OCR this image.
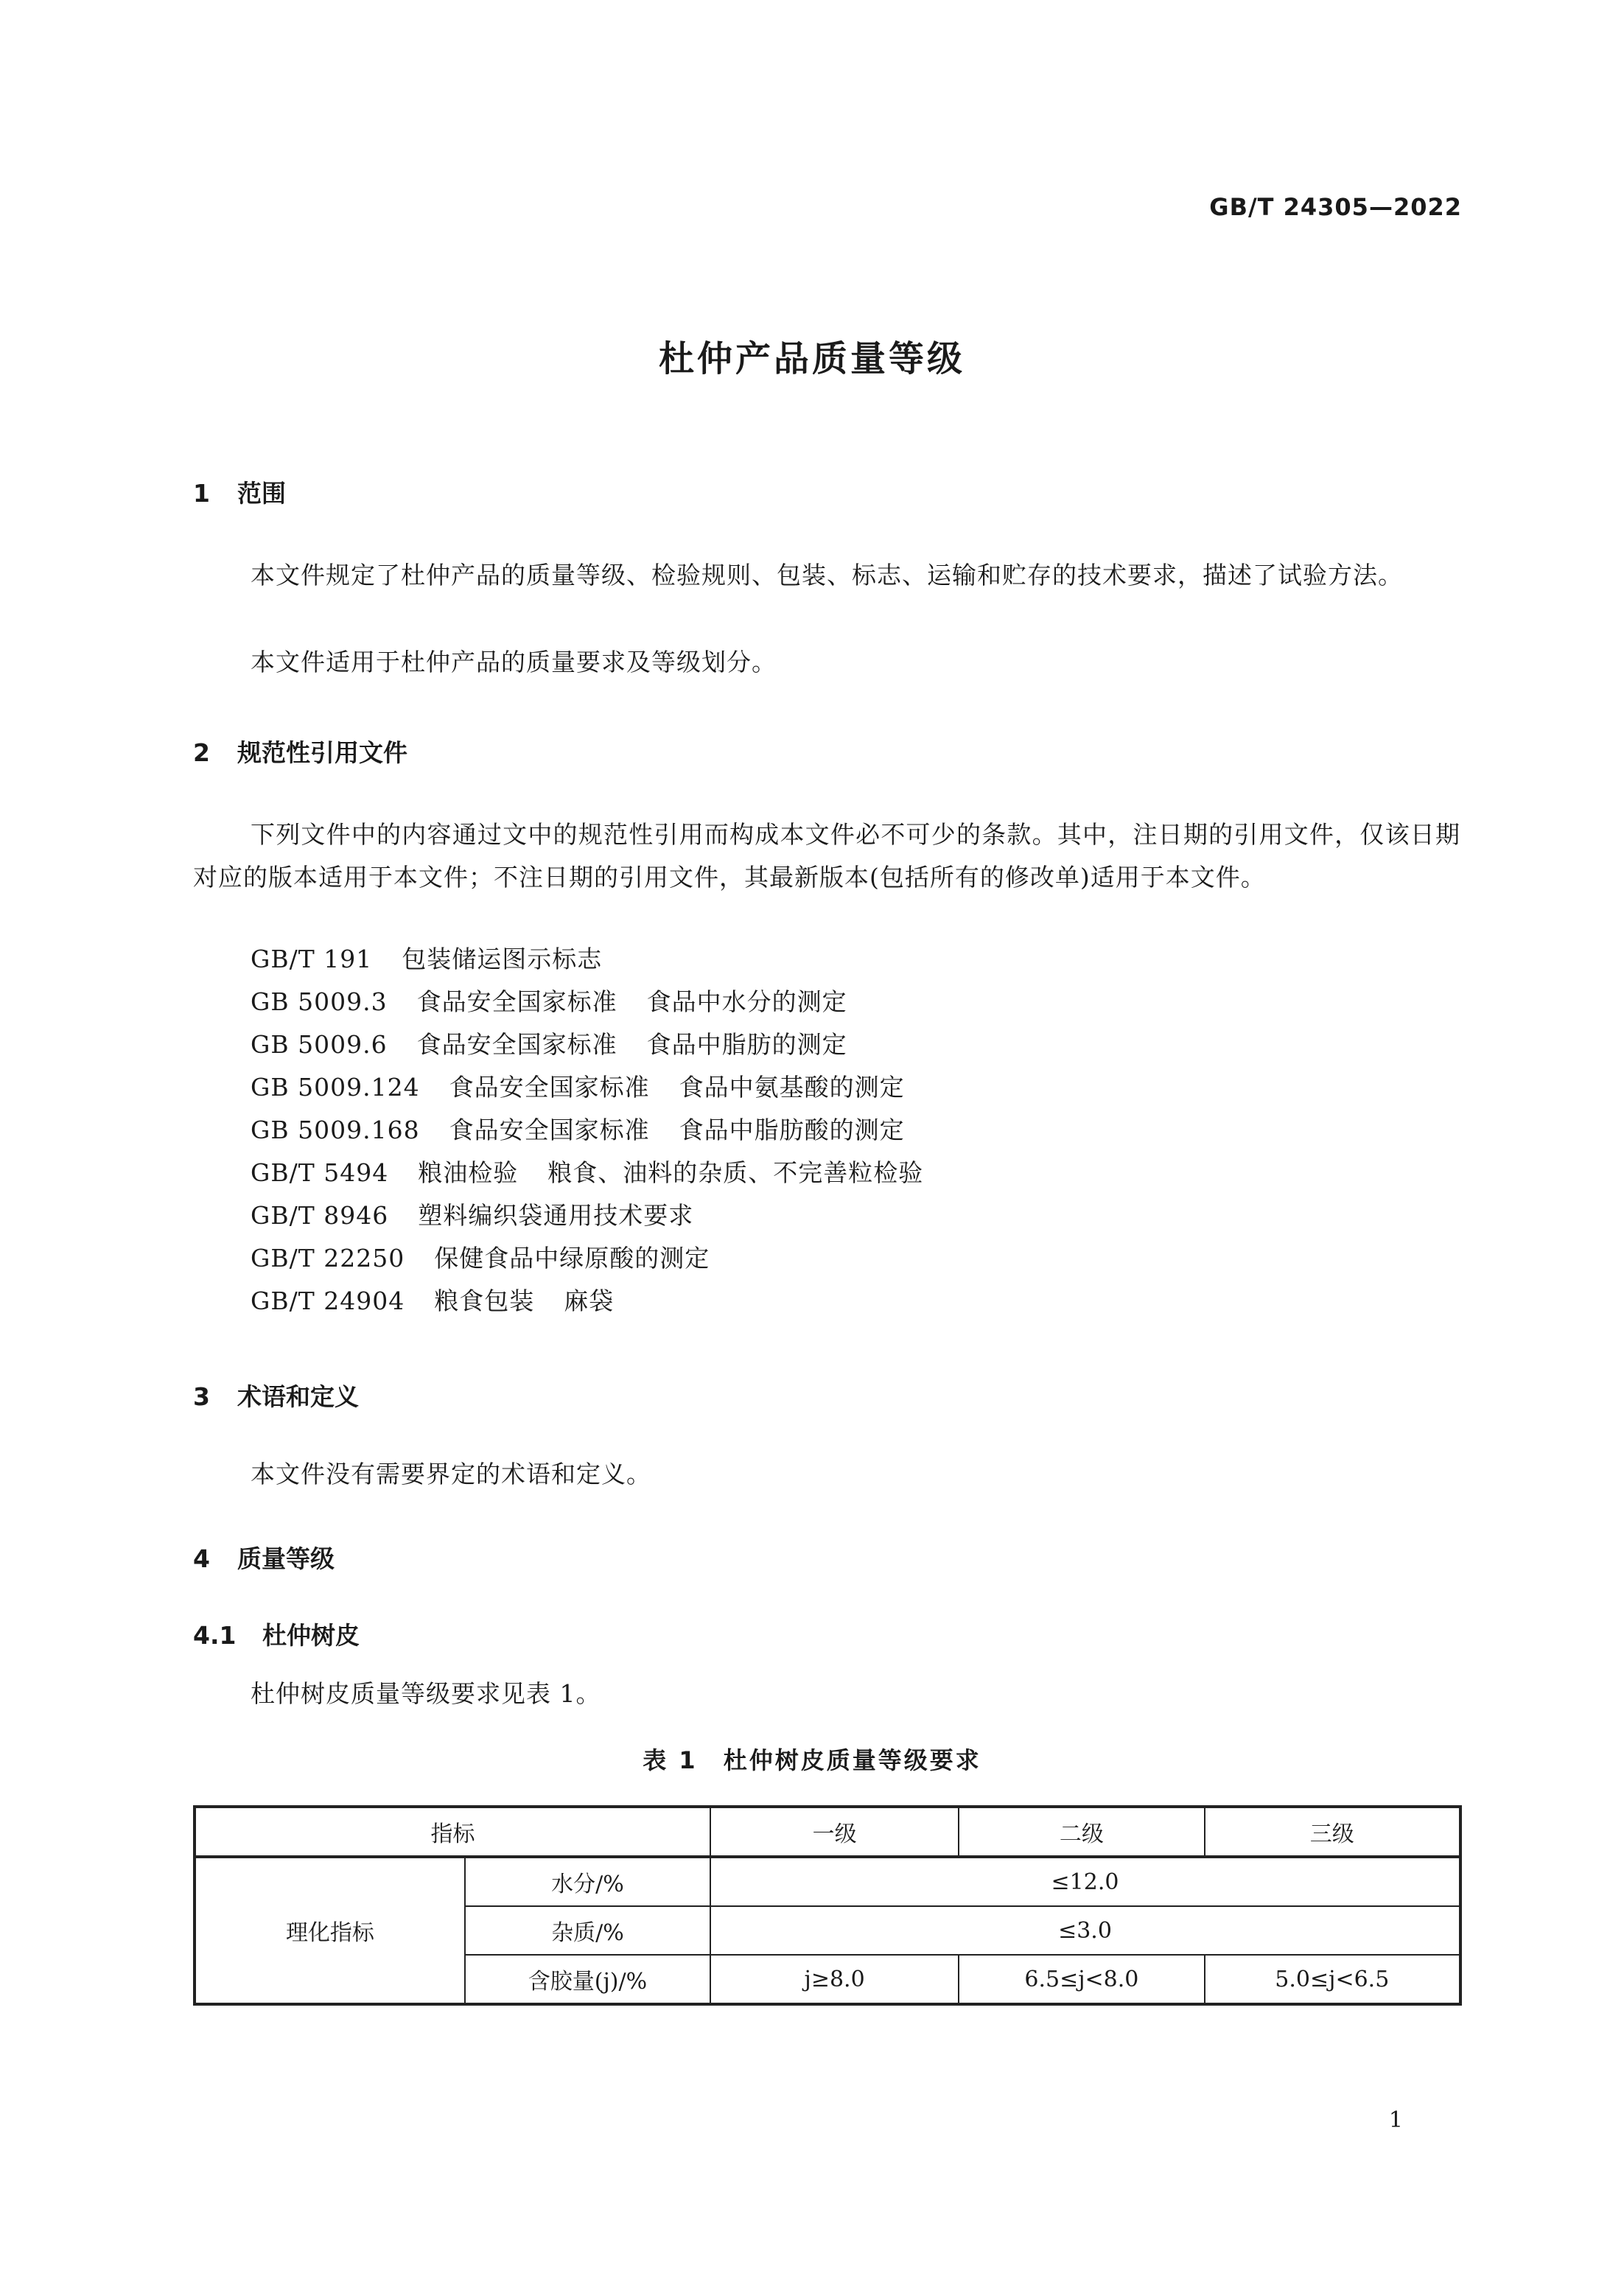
GB/T 24305—2022
杜仲产品质量等级
1 范围
本文件规定了杜仲产品的质量等级、检验规则、包装、标志、运输和贮存的技术要求，描述了试验方法。
本文件适用于杜仲产品的质量要求及等级划分。
2 规范性引用文件
下列文件中的内容通过文中的规范性引用而构成本文件必不可少的条款。其中，注日期的引用文件，仅该日期对应的版本适用于本文件；不注日期的引用文件，其最新版本(包括所有的修改单)适用于本文件。
GB/T 191 包装储运图示标志
GB 5009.3 食品安全国家标准 食品中水分的测定
GB 5009.6 食品安全国家标准 食品中脂肪的测定
GB 5009.124 食品安全国家标准 食品中氨基酸的测定
GB 5009.168 食品安全国家标准 食品中脂肪酸的测定
GB/T 5494 粮油检验 粮食、油料的杂质、不完善粒检验
GB/T 8946 塑料编织袋通用技术要求
GB/T 22250 保健食品中绿原酸的测定
GB/T 24904 粮食包装 麻袋
3 术语和定义
本文件没有需要界定的术语和定义。
4 质量等级
4.1 杜仲树皮
杜仲树皮质量等级要求见表 1。
表 1　杜仲树皮质量等级要求
指标		一级	二级	三级
理化指标	水分/%	≤12.0		
	杂质/%	≤3.0		
	含胶量(j)/%	j≥8.0	6.5≤j<8.0	5.0≤j<6.5
1
